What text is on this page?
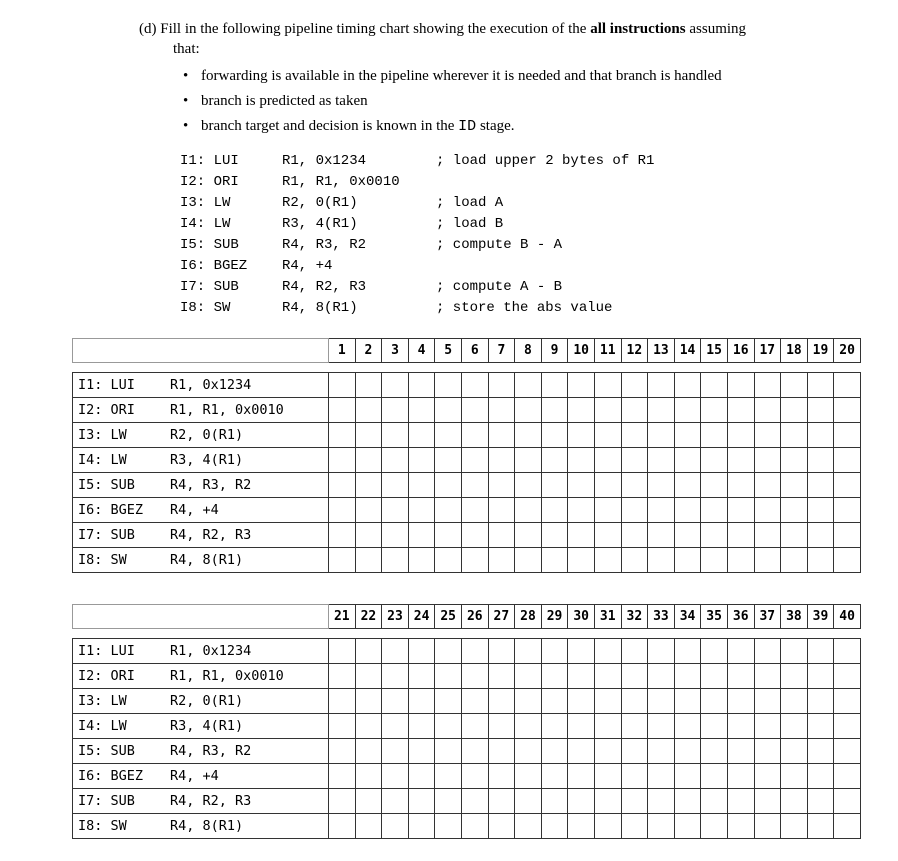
(d) Fill in the following pipeline timing chart showing the execution of the all instructions assuming
that:
• forwarding is available in the pipeline wherever it is needed and that branch is handled
• branch is predicted as taken
• branch target and decision is known in the ID stage.
I1: LUI	R1, 0x1234	; load upper 2 bytes of R1
I2: ORI	R1, R1, 0x0010
I3: LW	R2, 0(R1)	; load A
I4: LW	R3, 4(R1)	; load B
I5: SUB	R4, R3, R2	; compute B - A
I6: BGEZ R4, +4
I7: SUB	R4, R2, R3	; compute A - B
I8: SW	R4, 8(R1)	; store the abs value
	1	2	3	4	5	6	7	8	9	10	11	12	13	14	15	16	17	18	19	20

I1: LUI R1, 0x1234																				
I2: ORI R1, R1, 0x0010																				
I3: LW R2, 0(R1)																				
I4: LW R3, 4(R1)																				
I5: SUB R4, R3, R2																				
I6: BGEZ R4, +4																				
I7: SUB R4, R2, R3																				
I8: SW R4, 8(R1)																				
	21	22	23	24	25	26	27	28	29	30	31	32	33	34	35	36	37	38	39	40

I1: LUI R1, 0x1234																				
I2: ORI R1, R1, 0x0010																				
I3: LW R2, 0(R1)																				
I4: LW R3, 4(R1)																				
I5: SUB R4, R3, R2																				
I6: BGEZ R4, +4																				
I7: SUB R4, R2, R3																				
I8: SW R4, 8(R1)																				
